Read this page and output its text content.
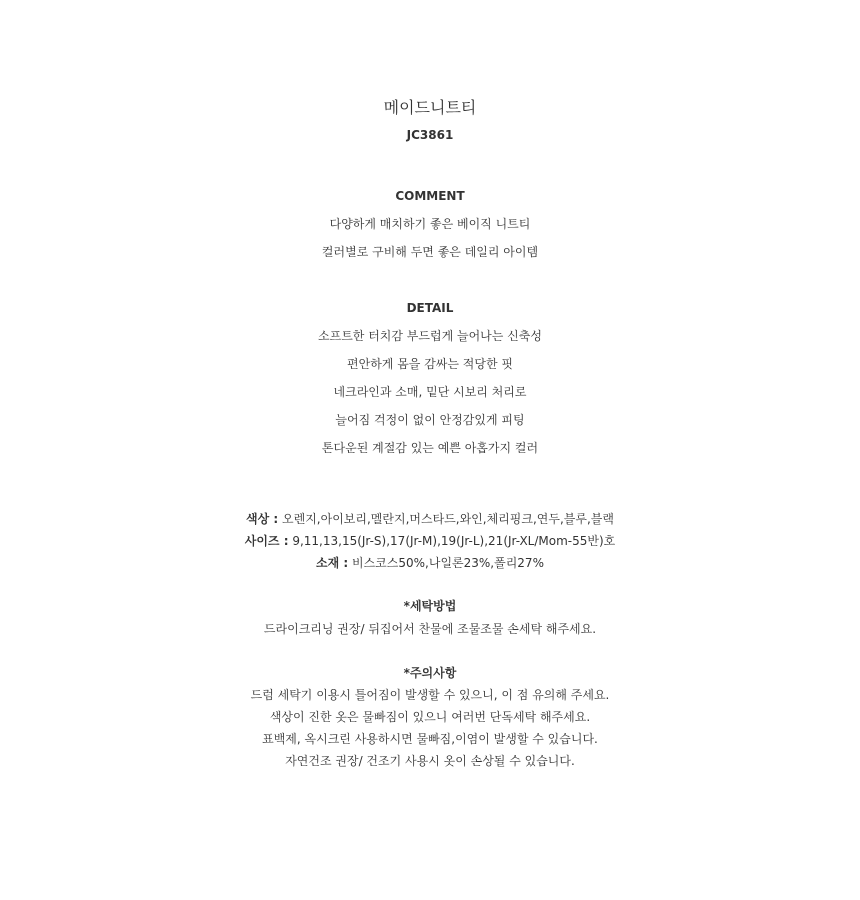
메이드니트티
JC3861
COMMENT
다양하게 매치하기 좋은 베이직 니트티
컬러별로 구비해 두면 좋은 데일리 아이템
DETAIL
소프트한 터치감 부드럽게 늘어나는 신축성
편안하게 몸을 감싸는 적당한 핏
네크라인과 소매, 밑단 시보리 처리로
늘어짐 걱정이 없이 안정감있게 피팅
톤다운된 계절감 있는 예쁜 아홉가지 컬러
색상 : 오렌지,아이보리,멜란지,머스타드,와인,체리핑크,연두,블루,블랙
사이즈 : 9,11,13,15(Jr-S),17(Jr-M),19(Jr-L),21(Jr-XL/Mom-55반)호
소재 : 비스코스50%,나일론23%,폴리27%
*세탁방법
드라이크리닝 권장/ 뒤집어서 찬물에 조물조물 손세탁 해주세요.
*주의사항
드럼 세탁기 이용시 틀어짐이 발생할 수 있으니, 이 점 유의해 주세요.
색상이 진한 옷은 물빠짐이 있으니 여러번 단독세탁 해주세요.
표백제, 옥시크린 사용하시면 물빠짐,이염이 발생할 수 있습니다.
자연건조 권장/ 건조기 사용시 옷이 손상될 수 있습니다.
